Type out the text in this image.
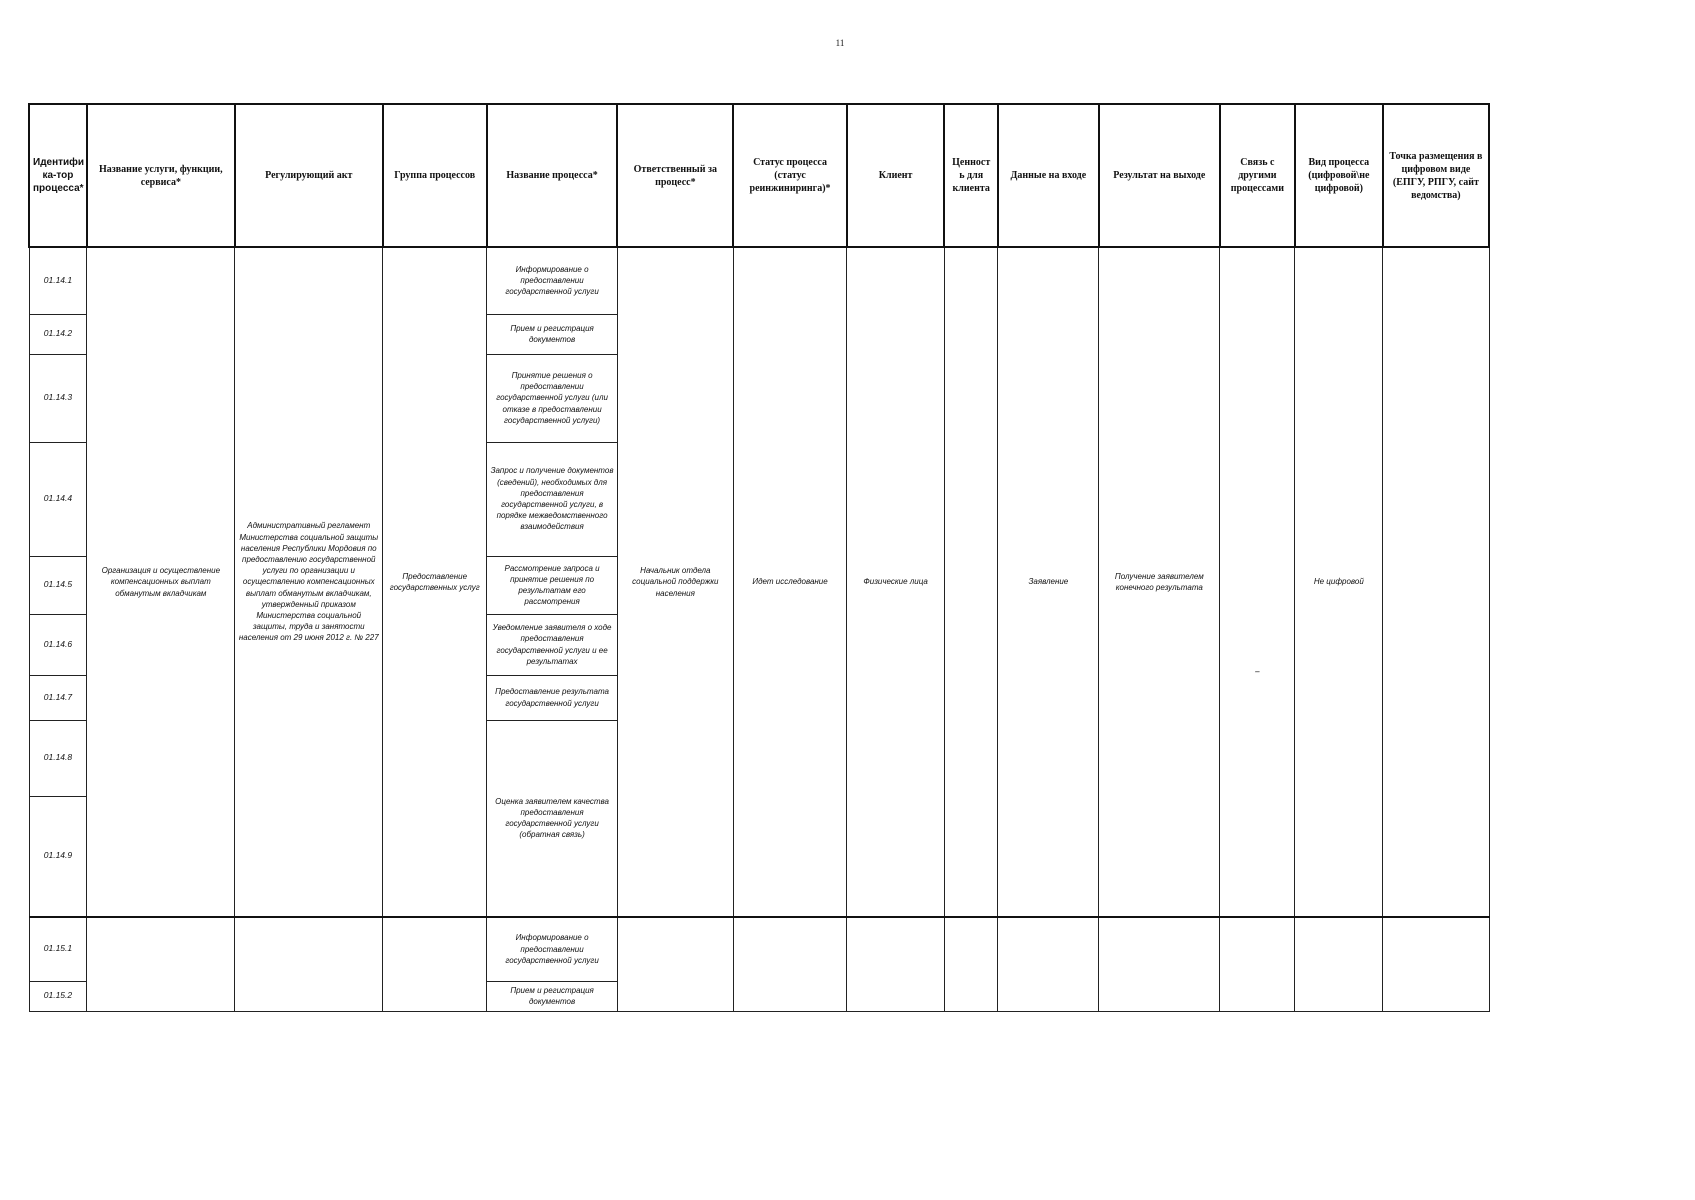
11
Идентифи ка-тор процесса*	Название услуги, функции, сервиса*	Регулирующий акт	Группа процессов	Название процесса*	Ответственный за процесс*	Статус процесса (статус реинжиниринга)*	Клиент	Ценност ь для клиента	Данные на входе	Результат на выходе	Связь с другими процессами	Вид процесса (цифровой\не цифровой)	Точка размещения в цифровом виде (ЕПГУ, РПГУ, сайт ведомства)
01.14.1	Организация и осуществление компенсационных выплат обманутым вкладчикам	Административный регламент Министерства социальной защиты населения Республики Мордовия по предоставлению государственной услуги по организации и осуществлению компенсационных выплат обманутым вкладчикам, утвержденный приказом Министерства социальной защиты, труда и занятости населения от 29 июня 2012 г. № 227	Предоставление государственных услуг	Информирование о предоставлении государственной услуги	Начальник отдела социальной поддержки населения	Идет исследование	Физические лица		Заявление	Получение заявителем конечного результата	–	Не цифровой	
01.14.2				Прием и регистрация документов									
01.14.3				Принятие решения о предоставлении государственной услуги (или отказе в предоставлении государственной услуги)									
01.14.4				Запрос и получение документов (сведений), необходимых для предоставления государственной услуги, в порядке межведомственного взаимодействия									
01.14.5				Рассмотрение запроса и принятие решения по результатам его рассмотрения									
01.14.6				Уведомление заявителя о ходе предоставления государственной услуги и ее результатах									
01.14.7				Предоставление результата государственной услуги									
01.14.8				Оценка заявителем качества предоставления государственной услуги (обратная связь)									
01.14.9													
01.15.1				Информирование о предоставлении государственной услуги									
01.15.2				Прием и регистрация документов									
